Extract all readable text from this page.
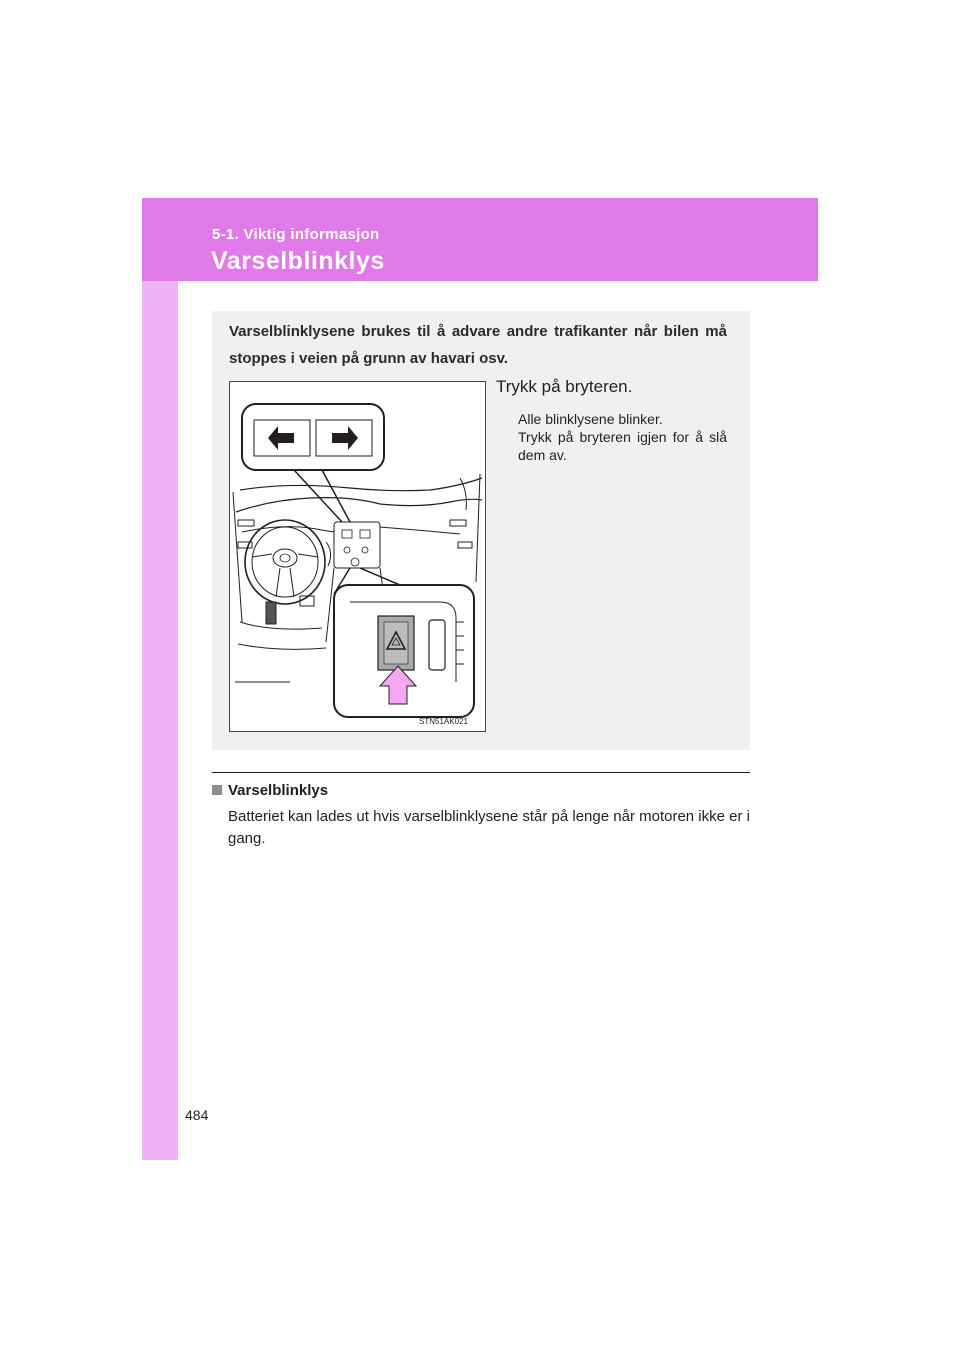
5-1. Viktig informasjon
Varselblinklys
Varselblinklysene brukes til å advare andre trafikanter når bilen må stoppes i veien på grunn av havari osv.
STN51AK021
Trykk på bryteren.

Alle blinklysene blinker.

Trykk på bryteren igjen for å slå dem av.

Varselblinklys
Batteriet kan lades ut hvis varselblinklysene står på lenge når motoren ikke er i gang.
484
